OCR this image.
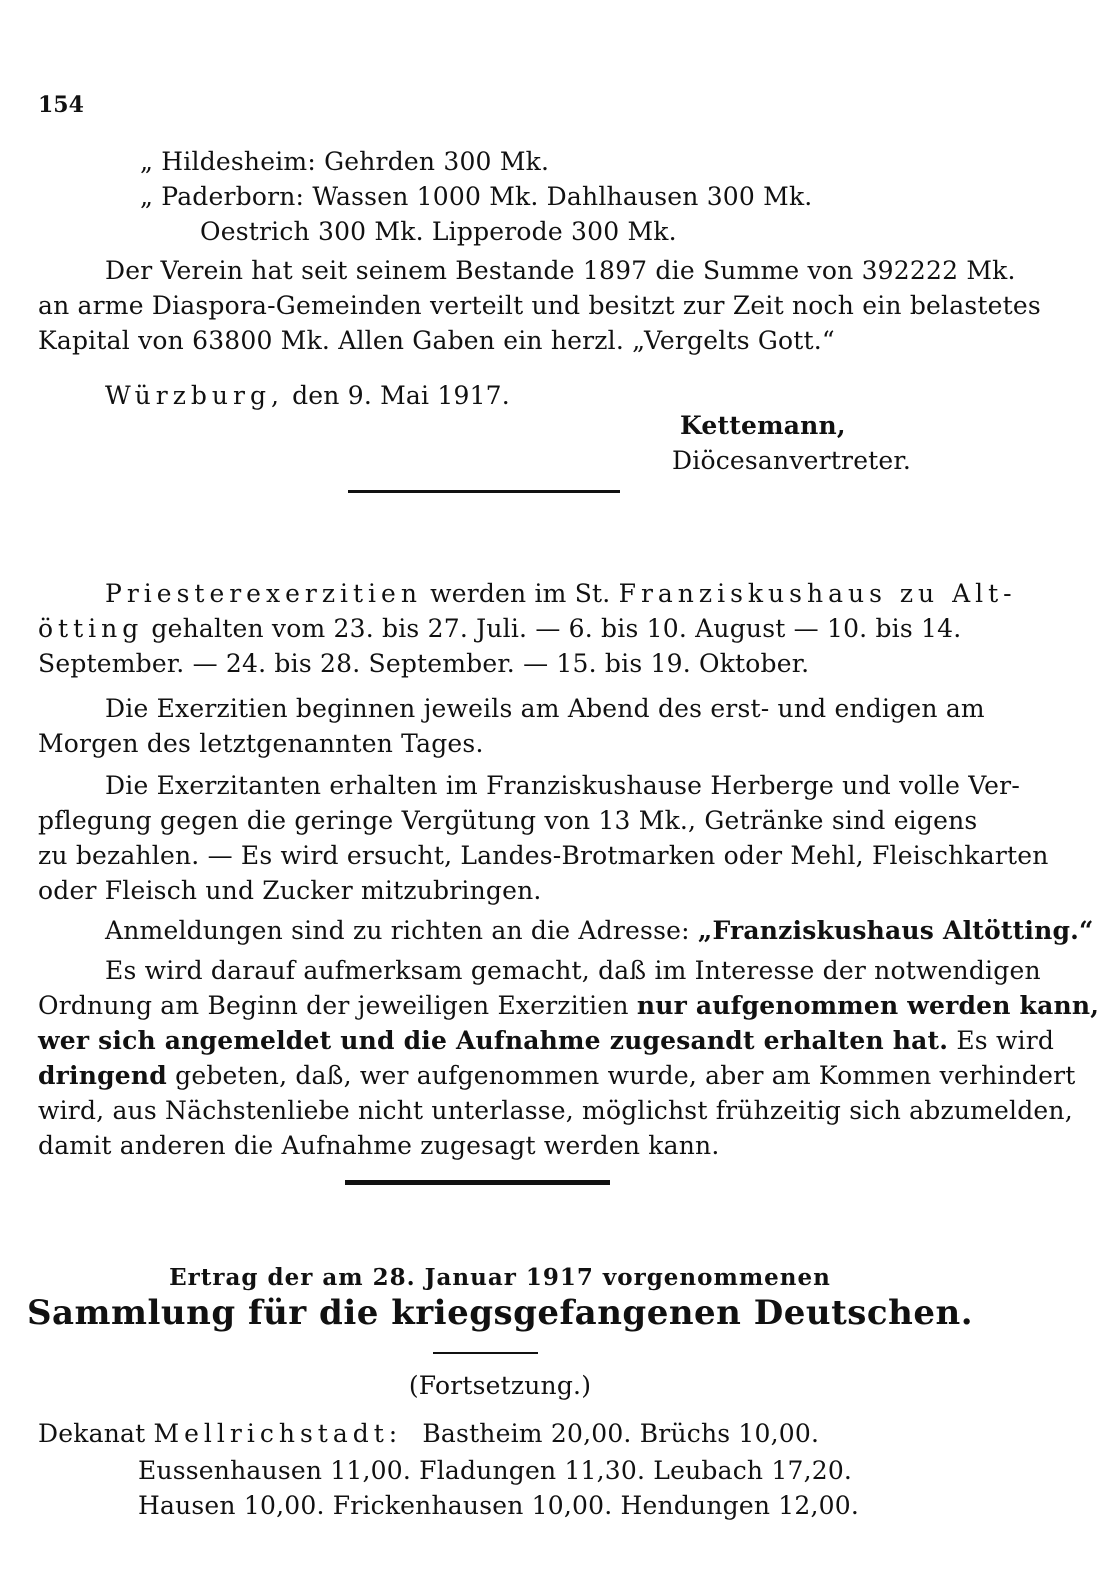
154
„ Hildesheim: Gehrden 300 Mk.
„ Paderborn: Wassen 1000 Mk. Dahlhausen 300 Mk.
Oestrich 300 Mk. Lipperode 300 Mk.
Der Verein hat seit seinem Bestande 1897 die Summe von 392222 Mk.
an arme Diaspora-Gemeinden verteilt und besitzt zur Zeit noch ein belastetes
Kapital von 63800 Mk. Allen Gaben ein herzl. „Vergelts Gott.“
Würzburg, den 9. Mai 1917.
Kettemann,
Diöcesanvertreter.
Priesterexerzitien werden im St. Franziskushaus zu Alt-
ötting gehalten vom 23. bis 27. Juli. — 6. bis 10. August — 10. bis 14.
September. — 24. bis 28. September. — 15. bis 19. Oktober.
Die Exerzitien beginnen jeweils am Abend des erst- und endigen am
Morgen des letztgenannten Tages.
Die Exerzitanten erhalten im Franziskushause Herberge und volle Ver-
pflegung gegen die geringe Vergütung von 13 Mk., Getränke sind eigens
zu bezahlen. — Es wird ersucht, Landes-Brotmarken oder Mehl, Fleischkarten
oder Fleisch und Zucker mitzubringen.
Anmeldungen sind zu richten an die Adresse: „Franziskushaus Altötting.“
Es wird darauf aufmerksam gemacht, daß im Interesse der notwendigen
Ordnung am Beginn der jeweiligen Exerzitien nur aufgenommen werden kann,
wer sich angemeldet und die Aufnahme zugesandt erhalten hat. Es wird
dringend gebeten, daß, wer aufgenommen wurde, aber am Kommen verhindert
wird, aus Nächstenliebe nicht unterlasse, möglichst frühzeitig sich abzumelden,
damit anderen die Aufnahme zugesagt werden kann.
Ertrag der am 28. Januar 1917 vorgenommenen
Sammlung für die kriegsgefangenen Deutschen.
(Fortsetzung.)
Dekanat Mellrichstadt: Bastheim 20,00. Brüchs 10,00.
Eussenhausen 11,00. Fladungen 11,30. Leubach 17,20.
Hausen 10,00. Frickenhausen 10,00. Hendungen 12,00.
